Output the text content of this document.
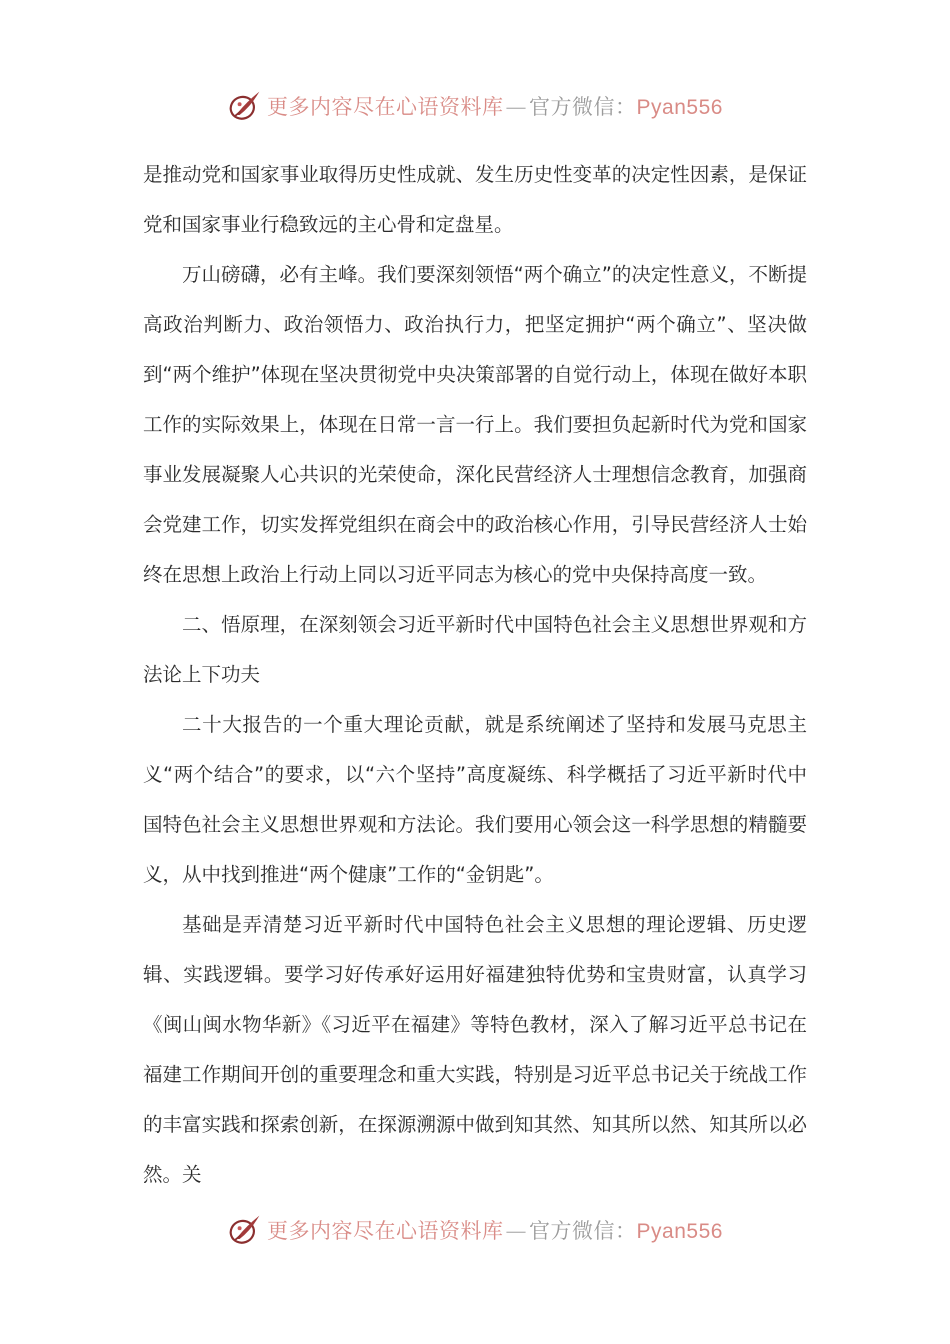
更多内容尽在心语资料库—官方微信：Pyan556

是推动党和国家事业取得历史性成就、发生历史性变革的决定性因素，是保证党和国家事业行稳致远的主心骨和定盘星。

万山磅礴，必有主峰。我们要深刻领悟“两个确立”的决定性意义，不断提高政治判断力、政治领悟力、政治执行力，把坚定拥护“两个确立”、坚决做到“两个维护”体现在坚决贯彻党中央决策部署的自觉行动上，体现在做好本职工作的实际效果上，体现在日常一言一行上。我们要担负起新时代为党和国家事业发展凝聚人心共识的光荣使命，深化民营经济人士理想信念教育，加强商会党建工作，切实发挥党组织在商会中的政治核心作用，引导民营经济人士始终在思想上政治上行动上同以习近平同志为核心的党中央保持高度一致。

二、悟原理，在深刻领会习近平新时代中国特色社会主义思想世界观和方法论上下功夫

二十大报告的一个重大理论贡献，就是系统阐述了坚持和发展马克思主义“两个结合”的要求，以“六个坚持”高度凝练、科学概括了习近平新时代中国特色社会主义思想世界观和方法论。我们要用心领会这一科学思想的精髓要义，从中找到推进“两个健康”工作的“金钥匙”。

基础是弄清楚习近平新时代中国特色社会主义思想的理论逻辑、历史逻辑、实践逻辑。要学习好传承好运用好福建独特优势和宝贵财富，认真学习《闽山闽水物华新》《习近平在福建》等特色教材，深入了解习近平总书记在福建工作期间开创的重要理念和重大实践，特别是习近平总书记关于统战工作的丰富实践和探索创新，在探源溯源中做到知其然、知其所以然、知其所以必然。关

更多内容尽在心语资料库—官方微信：Pyan556
